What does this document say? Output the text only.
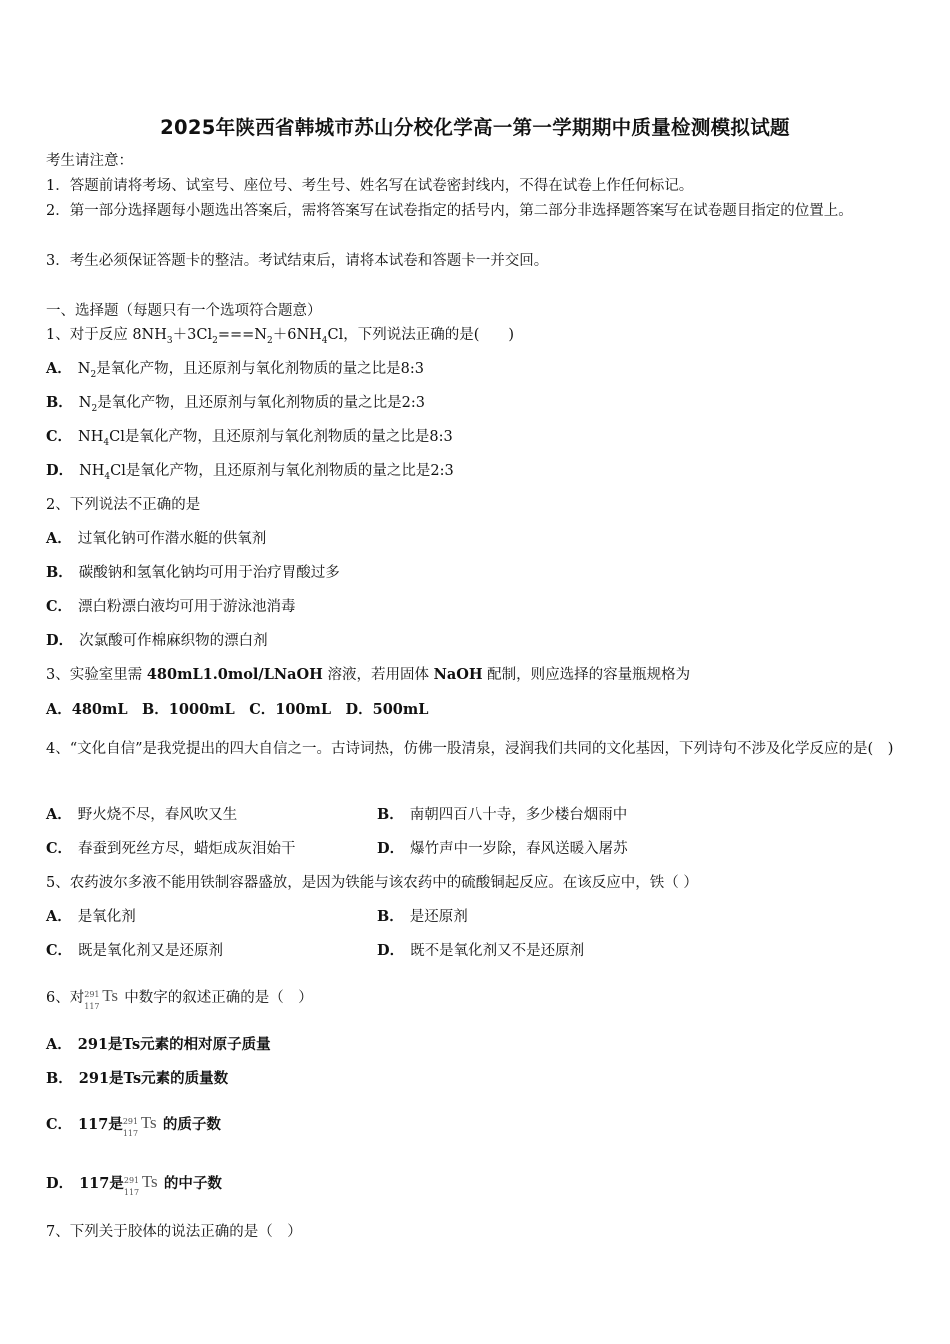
2025年陕西省韩城市苏山分校化学高一第一学期期中质量检测模拟试题
考生请注意：
1．答题前请将考场、试室号、座位号、考生号、姓名写在试卷密封线内，不得在试卷上作任何标记。
2．第一部分选择题每小题选出答案后，需将答案写在试卷指定的括号内，第二部分非选择题答案写在试卷题目指定的位置上。
3．考生必须保证答题卡的整洁。考试结束后，请将本试卷和答题卡一并交回。
一、选择题（每题只有一个选项符合题意）
1、对于反应 $8NH_3+3Cl_2===N_2+6NH_4Cl$，下列说法正确的是(　　)
A． $N_2$是氧化产物，且还原剂与氧化剂物质的量之比是8:3
B． $N_2$是氧化产物，且还原剂与氧化剂物质的量之比是2:3
C． $NH_4Cl$是氧化产物，且还原剂与氧化剂物质的量之比是8:3
D． $NH_4Cl$是氧化产物，且还原剂与氧化剂物质的量之比是2:3
2、下列说法不正确的是
A． 过氧化钠可作潜水艇的供氧剂
B． 碳酸钠和氢氧化钠均可用于治疗胃酸过多
C． 漂白粉漂白液均可用于游泳池消毒
D． 次氯酸可作棉麻织物的漂白剂
3、实验室里需 480mL1.0mol/LNaOH 溶液，若用固体 NaOH 配制，则应选择的容量瓶规格为
A．480mL　B．1000mL　C．100mL　D．500mL
4、“文化自信”是我党提出的四大自信之一。古诗词热，仿佛一股清泉，浸润我们共同的文化基因，下列诗句不涉及化学反应的是(　)
A． 野火烧不尽，春风吹又生	B． 南朝四百八十寺，多少楼台烟雨中
C． 春蚕到死丝方尽，蜡炬成灰泪始干	D． 爆竹声中一岁除，春风送暖入屠苏
5、农药波尔多液不能用铁制容器盛放，是因为铁能与该农药中的硫酸铜起反应。在该反应中，铁（ ）
A． 是氧化剂	B． 是还原剂
C． 既是氧化剂又是还原剂	D． 既不是氧化剂又不是还原剂
6、对 291
117
Ts 中数字的叙述正确的是（　）
A． 291是Ts元素的相对原子质量
B． 291是Ts元素的质量数
C． 117是 291
117
Ts 的质子数
D． 117是 291
117
Ts 的中子数
7、下列关于胶体的说法正确的是（　）
